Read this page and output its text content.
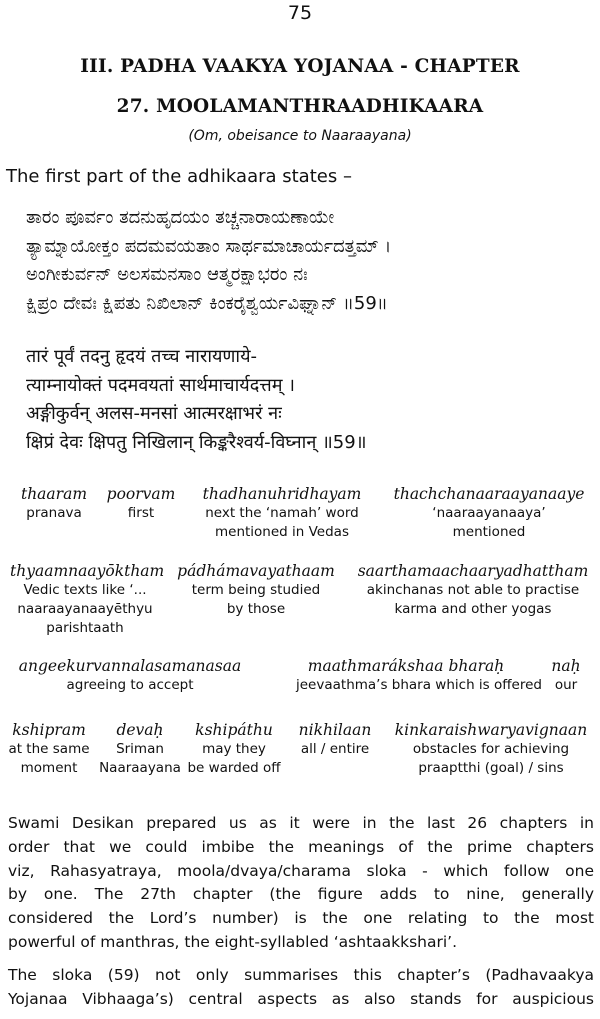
75
III. PADHA VAAKYA YOJANAA - CHAPTER
27. MOOLAMANTHRAADHIKAARA
(Om, obeisance to Naaraayana)
The first part of the adhikaara states –
ತಾರಂ ಪೂರ್ವಂ ತದನುಹೃದಯಂ ತಚ್ಚನಾರಾಯಣಾಯೇ
ತ್ಯಾಮ್ನಾಯೋಕ್ತಂ ಪದಮವಯತಾಂ ಸಾರ್ಥಮಾಚಾರ್ಯದತ್ತಮ್ ।
ಅಂಗೀಕುರ್ವನ್ ಅಲಸಮನಸಾಂ ಆತ್ಮರಕ್ಷಾಭರಂ ನಃ
ಕ್ಷಿಪ್ರಂ ದೇವಃ ಕ್ಷಿಪತು ನಿಖಿಲಾನ್ ಕಿಂಕರೈಶ್ವರ್ಯವಿಘ್ನಾನ್ ॥59॥
तारं पूर्वं तदनु हृदयं तच्च नारायणाये-
त्याम्नायोक्तं पदमवयतां सार्थमाचार्यदत्तम् ।
अङ्गीकुर्वन् अलस-मनसां आत्मरक्षाभरं नः
क्षिप्रं देवः क्षिपतु निखिलान् किङ्करैश्वर्य-विघ्नान् ॥59॥
thaaram
pranava
poorvam
first
thadhanuhridhayam
next the ‘namah’ word
mentioned in Vedas
thachchanaaraayanaaye
‘naaraayanaaya’
mentioned
thyaamnaayōktham
Vedic texts like ‘...
naaraayanaayēthyu
parishtaath
pádhámavayathaam
term being studied
by those
saarthamaachaaryadhattham
akinchanas not able to practise
karma and other yogas
angeekurvannalasamanasaa
agreeing to accept
maathmarákshaa bharaḥ
jeevaathma’s bhara which is offered
naḥ
our
kshipram
at the same
moment
devaḥ
Sriman
Naaraayana
kshipáthu
may they
be warded off
nikhilaan
all / entire
kinkaraishwaryavignaan
obstacles for achieving
praaptthi (goal) / sins
Swami Desikan prepared us as it were in the last 26 chapters in
order that we could imbibe the meanings of the prime chapters
viz, Rahasyatraya, moola/dvaya/charama sloka - which follow one
by one. The 27th chapter (the figure adds to nine, generally
considered the Lord’s number) is the one relating to the most
powerful of manthras, the eight-syllabled ‘ashtaakkshari’.
The sloka (59) not only summarises this chapter’s (Padhavaakya
Yojanaa Vibhaaga’s) central aspects as also stands for auspicious
